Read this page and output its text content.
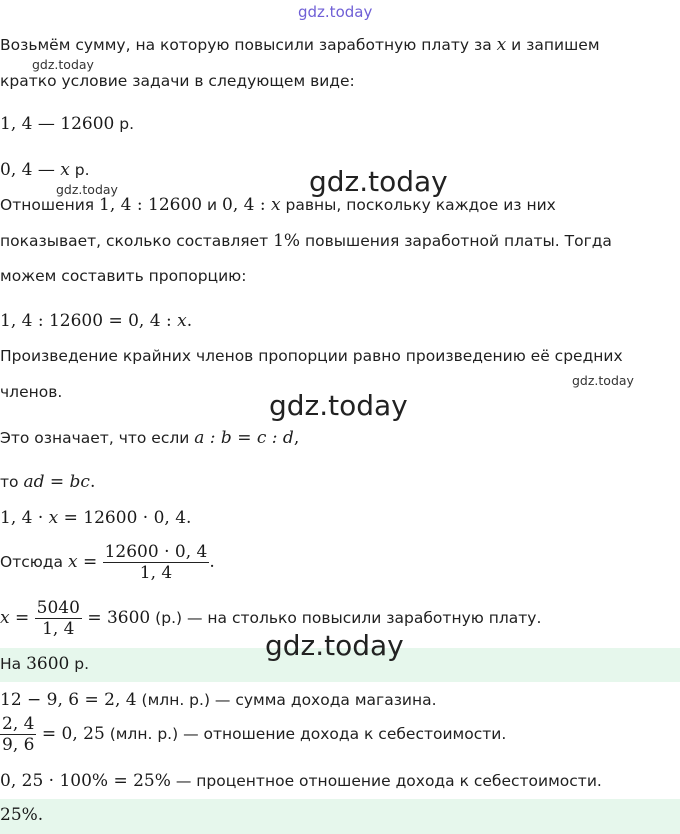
gdz.today
gdz.today
gdz.today
gdz.today
gdz.today
gdz.today
gdz.today
Возьмём сумму, на которую повысили заработную плату за x и запишем
кратко условие задачи в следующем виде:
1, 4 — 12600 р.
0, 4 — x р.
Отношения 1, 4 : 12600 и 0, 4 : x равны, поскольку каждое из них
показывает, сколько составляет 1% повышения заработной платы. Тогда
можем составить пропорцию:
1, 4 : 12600 = 0, 4 : x.
Произведение крайних членов пропорции равно произведению её средних
членов.
Это означает, что если a : b = c : d,
то ad = bc.
1, 4 · x = 12600 · 0, 4.
Отсюда $x = \frac{12600 \cdot 0, 4}{1, 4}$ .
$x = \frac{5040}{1, 4} = 3600$ (р.) — на столько повысили заработную плату.
На 3600 р.
12 − 9, 6 = 2, 4 (млн. р.) — сумма дохода магазина.
$\frac{2, 4}{9, 6} = 0$, 25 (млн. р.) — отношение дохода к себестоимости.
0, 25 · 100% = 25% — процентное отношение дохода к себестоимости.
25%.
